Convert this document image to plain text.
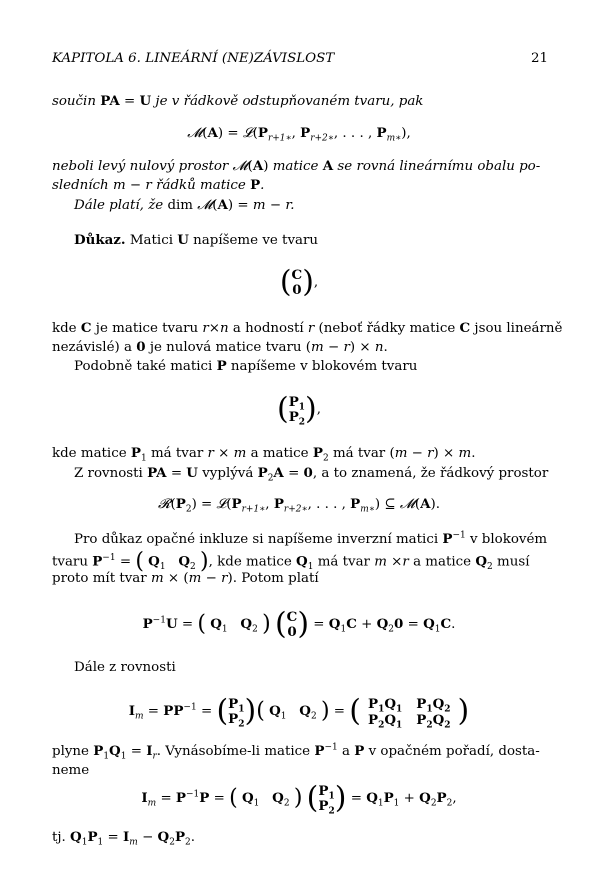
KAPITOLA 6. LINEÁRNÍ (NE)ZÁVISLOST	21
součin PA = U je v řádkově odstupňovaném tvaru, pak
𝓜(A) = $𝓛(P_{r+1∗}$, $P_{r+2∗}$, . . . , $P_{m∗}$),
neboli levý nulový prostor 𝓜(A) matice A se rovná lineárnímu obalu po-
sledních m − r řádků matice P.
Dále platí, že dim 𝓜(A) = m − r.
Důkaz. Matici U napíšeme ve tvaru
(C
0),
kde C je matice tvaru r×n a hodností r (neboť řádky matice C jsou lineárně
nezávislé) a 0 je nulová matice tvaru (m − r) × n.
Podobně také matici P napíšeme v blokovém tvaru
($P_1$
$P_2$),
kde matice $P_1$ má tvar r × m a matice $P_2$ má tvar (m − r) × m.
Z rovnosti PA = U vyplývá $P_2A = 0$, a to znamená, že řádkový prostor
$𝓡(P_2)$ = $𝓛(P_{r+1∗}$, $P_{r+2∗}$, . . . , $P_{m∗}$) ⊆ 𝓜(A).
Pro důkaz opačné inkluze si napíšeme inverzní matici $P^{-1}$ v blokovém
tvaru $P^{-1}$ = ( $Q_1$ $Q_2$ ), kde matice $Q_1$ má tvar m ×r a matice $Q_2$ musí
proto mít tvar m × (m − r). Potom platí
$P^{-1}U$ = ( $Q_1$ $Q_2$ ) (C
$0) = Q_1C + Q_20 = Q_1C$.
Dále z rovnosti
$I_m = PP^{-1} = (P_1$
$P_2$)( $Q_1$ $Q_2$ ) = ( $P_1Q_1$	$P_1Q_2$
$P_2Q_1$	$P_2Q_2$ )
plyne $P_1Q_1 = I_r$. Vynásobíme-li matice $P^{-1}$ a P v opačném pořadí, dosta-
neme
$I_m = P^{-1}P$ = ( $Q_1$ $Q_2$ ) ($P_1$
$P_2) = Q_1P_1 + Q_2P_2$,
tj. $Q_1P_1 = I_m - Q_2P_2$.
